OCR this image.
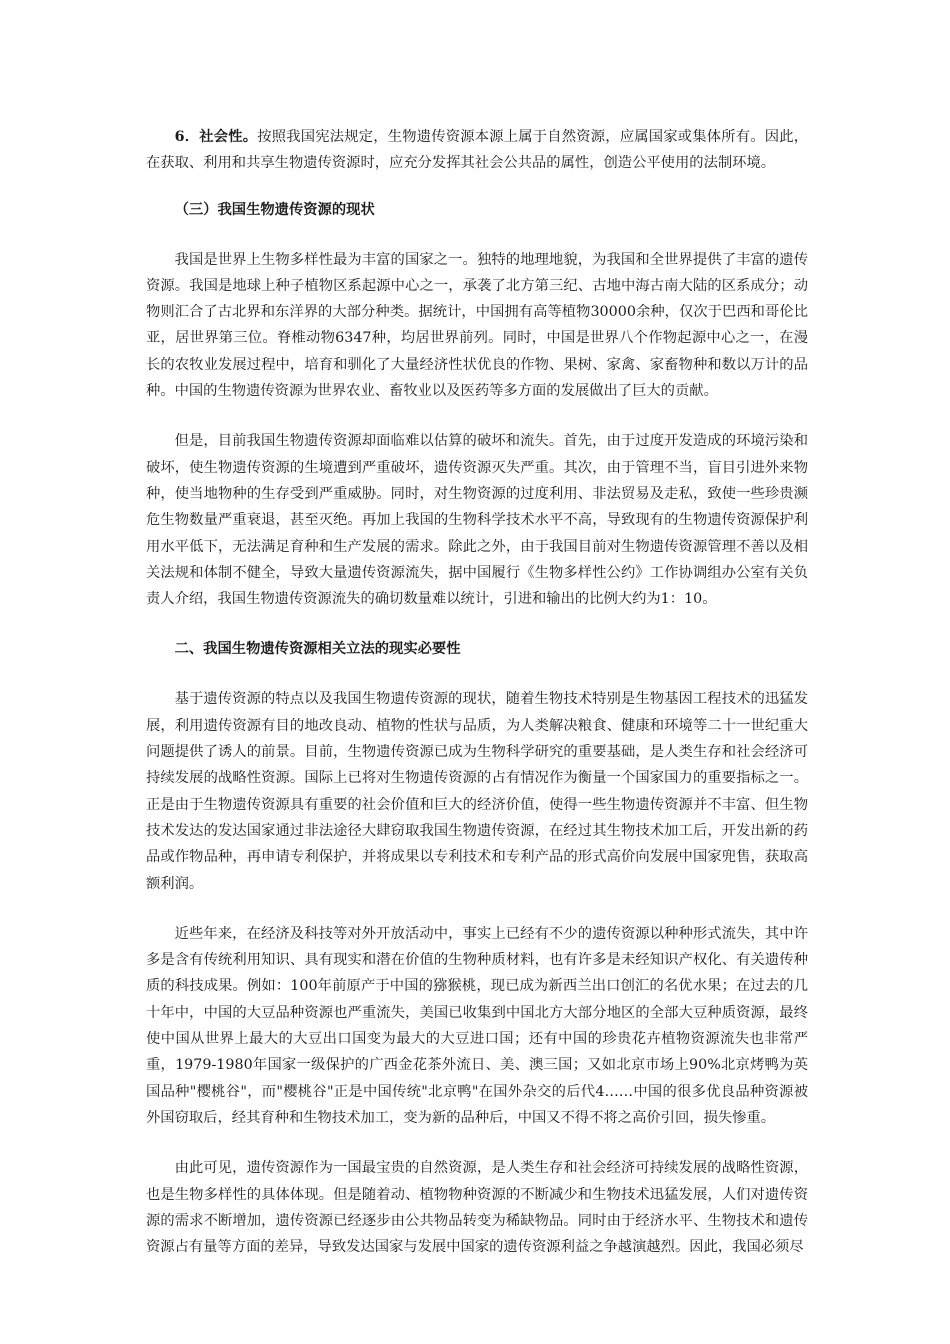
6．社会性。按照我国宪法规定，生物遗传资源本源上属于自然资源，应属国家或集体所有。因此，在获取、利用和共享生物遗传资源时，应充分发挥其社会公共品的属性，创造公平使用的法制环境。

（三）我国生物遗传资源的现状

我国是世界上生物多样性最为丰富的国家之一。独特的地理地貌，为我国和全世界提供了丰富的遗传资源。我国是地球上种子植物区系起源中心之一，承袭了北方第三纪、古地中海古南大陆的区系成分；动物则汇合了古北界和东洋界的大部分种类。据统计，中国拥有高等植物30000余种，仅次于巴西和哥伦比亚，居世界第三位。脊椎动物6347种，均居世界前列。同时，中国是世界八个作物起源中心之一，在漫长的农牧业发展过程中，培育和驯化了大量经济性状优良的作物、果树、家禽、家畜物种和数以万计的品种。中国的生物遗传资源为世界农业、畜牧业以及医药等多方面的发展做出了巨大的贡献。

但是，目前我国生物遗传资源却面临难以估算的破坏和流失。首先，由于过度开发造成的环境污染和破坏，使生物遗传资源的生境遭到严重破坏，遗传资源灭失严重。其次，由于管理不当，盲目引进外来物种，使当地物种的生存受到严重威胁。同时，对生物资源的过度利用、非法贸易及走私，致使一些珍贵濒危生物数量严重衰退，甚至灭绝。再加上我国的生物科学技术水平不高，导致现有的生物遗传资源保护利用水平低下，无法满足育种和生产发展的需求。除此之外，由于我国目前对生物遗传资源管理不善以及相关法规和体制不健全，导致大量遗传资源流失，据中国履行《生物多样性公约》工作协调组办公室有关负责人介绍，我国生物遗传资源流失的确切数量难以统计，引进和输出的比例大约为1：10。

二、我国生物遗传资源相关立法的现实必要性

基于遗传资源的特点以及我国生物遗传资源的现状，随着生物技术特别是生物基因工程技术的迅猛发展，利用遗传资源有目的地改良动、植物的性状与品质，为人类解决粮食、健康和环境等二十一世纪重大问题提供了诱人的前景。目前，生物遗传资源已成为生物科学研究的重要基础，是人类生存和社会经济可持续发展的战略性资源。国际上已将对生物遗传资源的占有情况作为衡量一个国家国力的重要指标之一。正是由于生物遗传资源具有重要的社会价值和巨大的经济价值，使得一些生物遗传资源并不丰富、但生物技术发达的发达国家通过非法途径大肆窃取我国生物遗传资源，在经过其生物技术加工后，开发出新的药品或作物品种，再申请专利保护，并将成果以专利技术和专利产品的形式高价向发展中国家兜售，获取高额利润。

近些年来，在经济及科技等对外开放活动中，事实上已经有不少的遗传资源以种种形式流失，其中许多是含有传统利用知识、具有现实和潜在价值的生物种质材料，也有许多是未经知识产权化、有关遗传种质的科技成果。例如：100年前原产于中国的猕猴桃，现已成为新西兰出口创汇的名优水果；在过去的几十年中，中国的大豆品种资源也严重流失，美国已收集到中国北方大部分地区的全部大豆种质资源，最终使中国从世界上最大的大豆出口国变为最大的大豆进口国；还有中国的珍贵花卉植物资源流失也非常严重，1979-1980年国家一级保护的广西金花茶外流日、美、澳三国；又如北京市场上90%北京烤鸭为英国品种"樱桃谷"，而"樱桃谷"正是中国传统"北京鸭"在国外杂交的后代4……中国的很多优良品种资源被外国窃取后，经其育种和生物技术加工，变为新的品种后，中国又不得不将之高价引回，损失惨重。

由此可见，遗传资源作为一国最宝贵的自然资源，是人类生存和社会经济可持续发展的战略性资源，也是生物多样性的具体体现。但是随着动、植物物种资源的不断减少和生物技术迅猛发展，人们对遗传资源的需求不断增加，遗传资源已经逐步由公共物品转变为稀缺物品。同时由于经济水平、生物技术和遗传资源占有量等方面的差异，导致发达国家与发展中国家的遗传资源利益之争越演越烈。因此，我国必须尽
